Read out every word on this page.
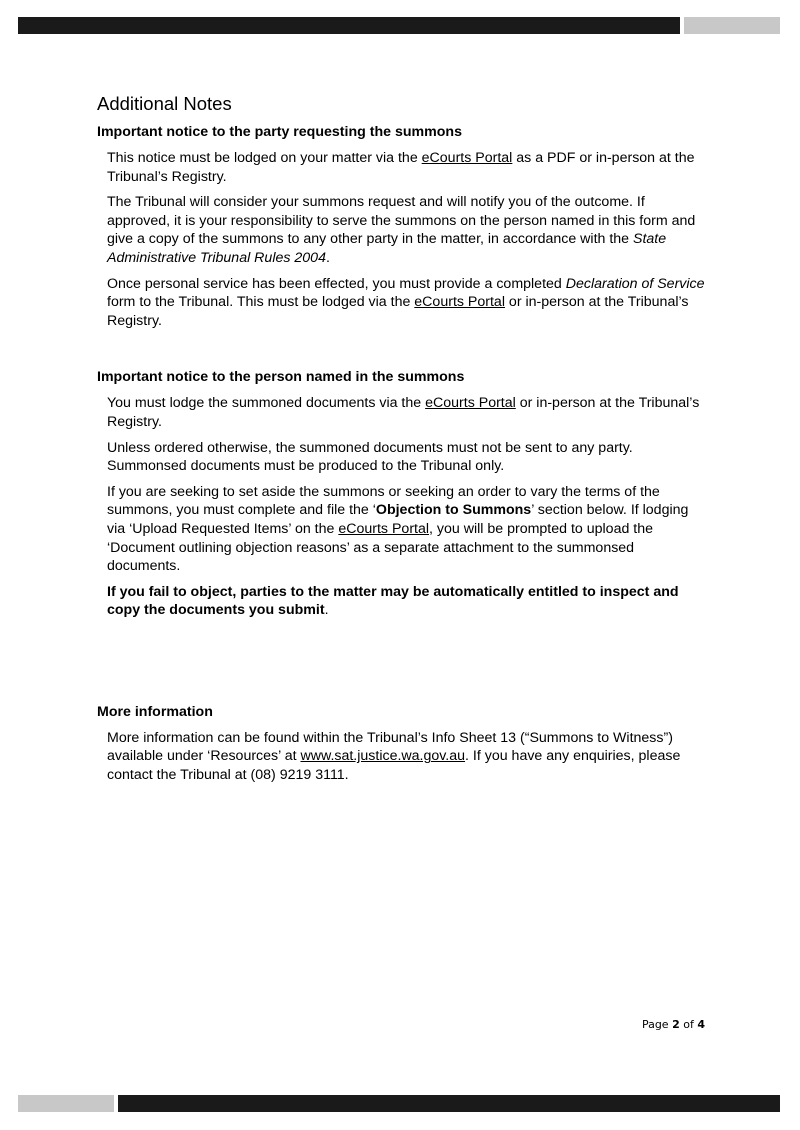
Additional Notes
Important notice to the party requesting the summons

This notice must be lodged on your matter via the eCourts Portal as a PDF or in-person at the Tribunal’s Registry.

The Tribunal will consider your summons request and will notify you of the outcome. If approved, it is your responsibility to serve the summons on the person named in this form and give a copy of the summons to any other party in the matter, in accordance with the State Administrative Tribunal Rules 2004.

Once personal service has been effected, you must provide a completed Declaration of Service form to the Tribunal. This must be lodged via the eCourts Portal or in-person at the Tribunal’s Registry.

Important notice to the person named in the summons

You must lodge the summoned documents via the eCourts Portal or in-person at the Tribunal’s Registry.

Unless ordered otherwise, the summoned documents must not be sent to any party. Summonsed documents must be produced to the Tribunal only.

If you are seeking to set aside the summons or seeking an order to vary the terms of the summons, you must complete and file the ‘Objection to Summons’ section below. If lodging via ‘Upload Requested Items’ on the eCourts Portal, you will be prompted to upload the ‘Document outlining objection reasons’ as a separate attachment to the summonsed documents.

If you fail to object, parties to the matter may be automatically entitled to inspect and copy the documents you submit.

More information

More information can be found within the Tribunal’s Info Sheet 13 (“Summons to Witness”) available under ‘Resources’ at www.sat.justice.wa.gov.au. If you have any enquiries, please contact the Tribunal at (08) 9219 3111.

Page 2 of 4
